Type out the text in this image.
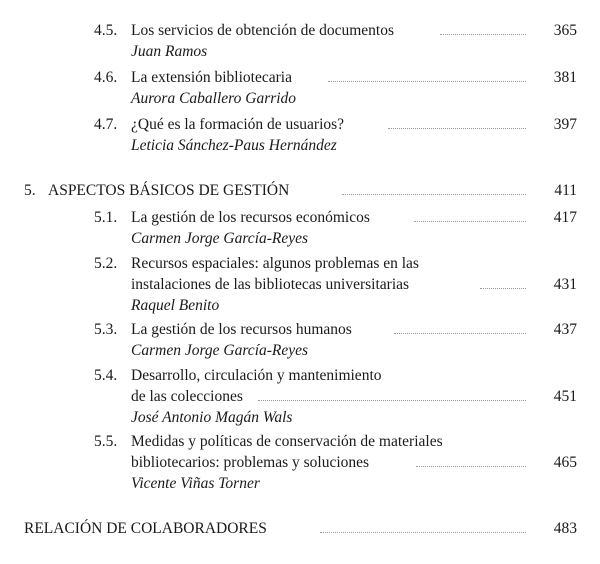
4.5. Los servicios de obtención de documentos	365
Juan Ramos
4.6. La extensión bibliotecaria	381
Aurora Caballero Garrido
4.7. ¿Qué es la formación de usuarios?	397
Leticia Sánchez-Paus Hernández
5. ASPECTOS BÁSICOS DE GESTIÓN	411
5.1. La gestión de los recursos económicos	417
Carmen Jorge García-Reyes
5.2. Recursos espaciales: algunos problemas en las
instalaciones de las bibliotecas universitarias	431
Raquel Benito
5.3. La gestión de los recursos humanos	437
Carmen Jorge García-Reyes
5.4. Desarrollo, circulación y mantenimiento
de las colecciones	451
José Antonio Magán Wals
5.5. Medidas y políticas de conservación de materiales
bibliotecarios: problemas y soluciones	465
Vicente Viñas Torner
RELACIÓN DE COLABORADORES	483
